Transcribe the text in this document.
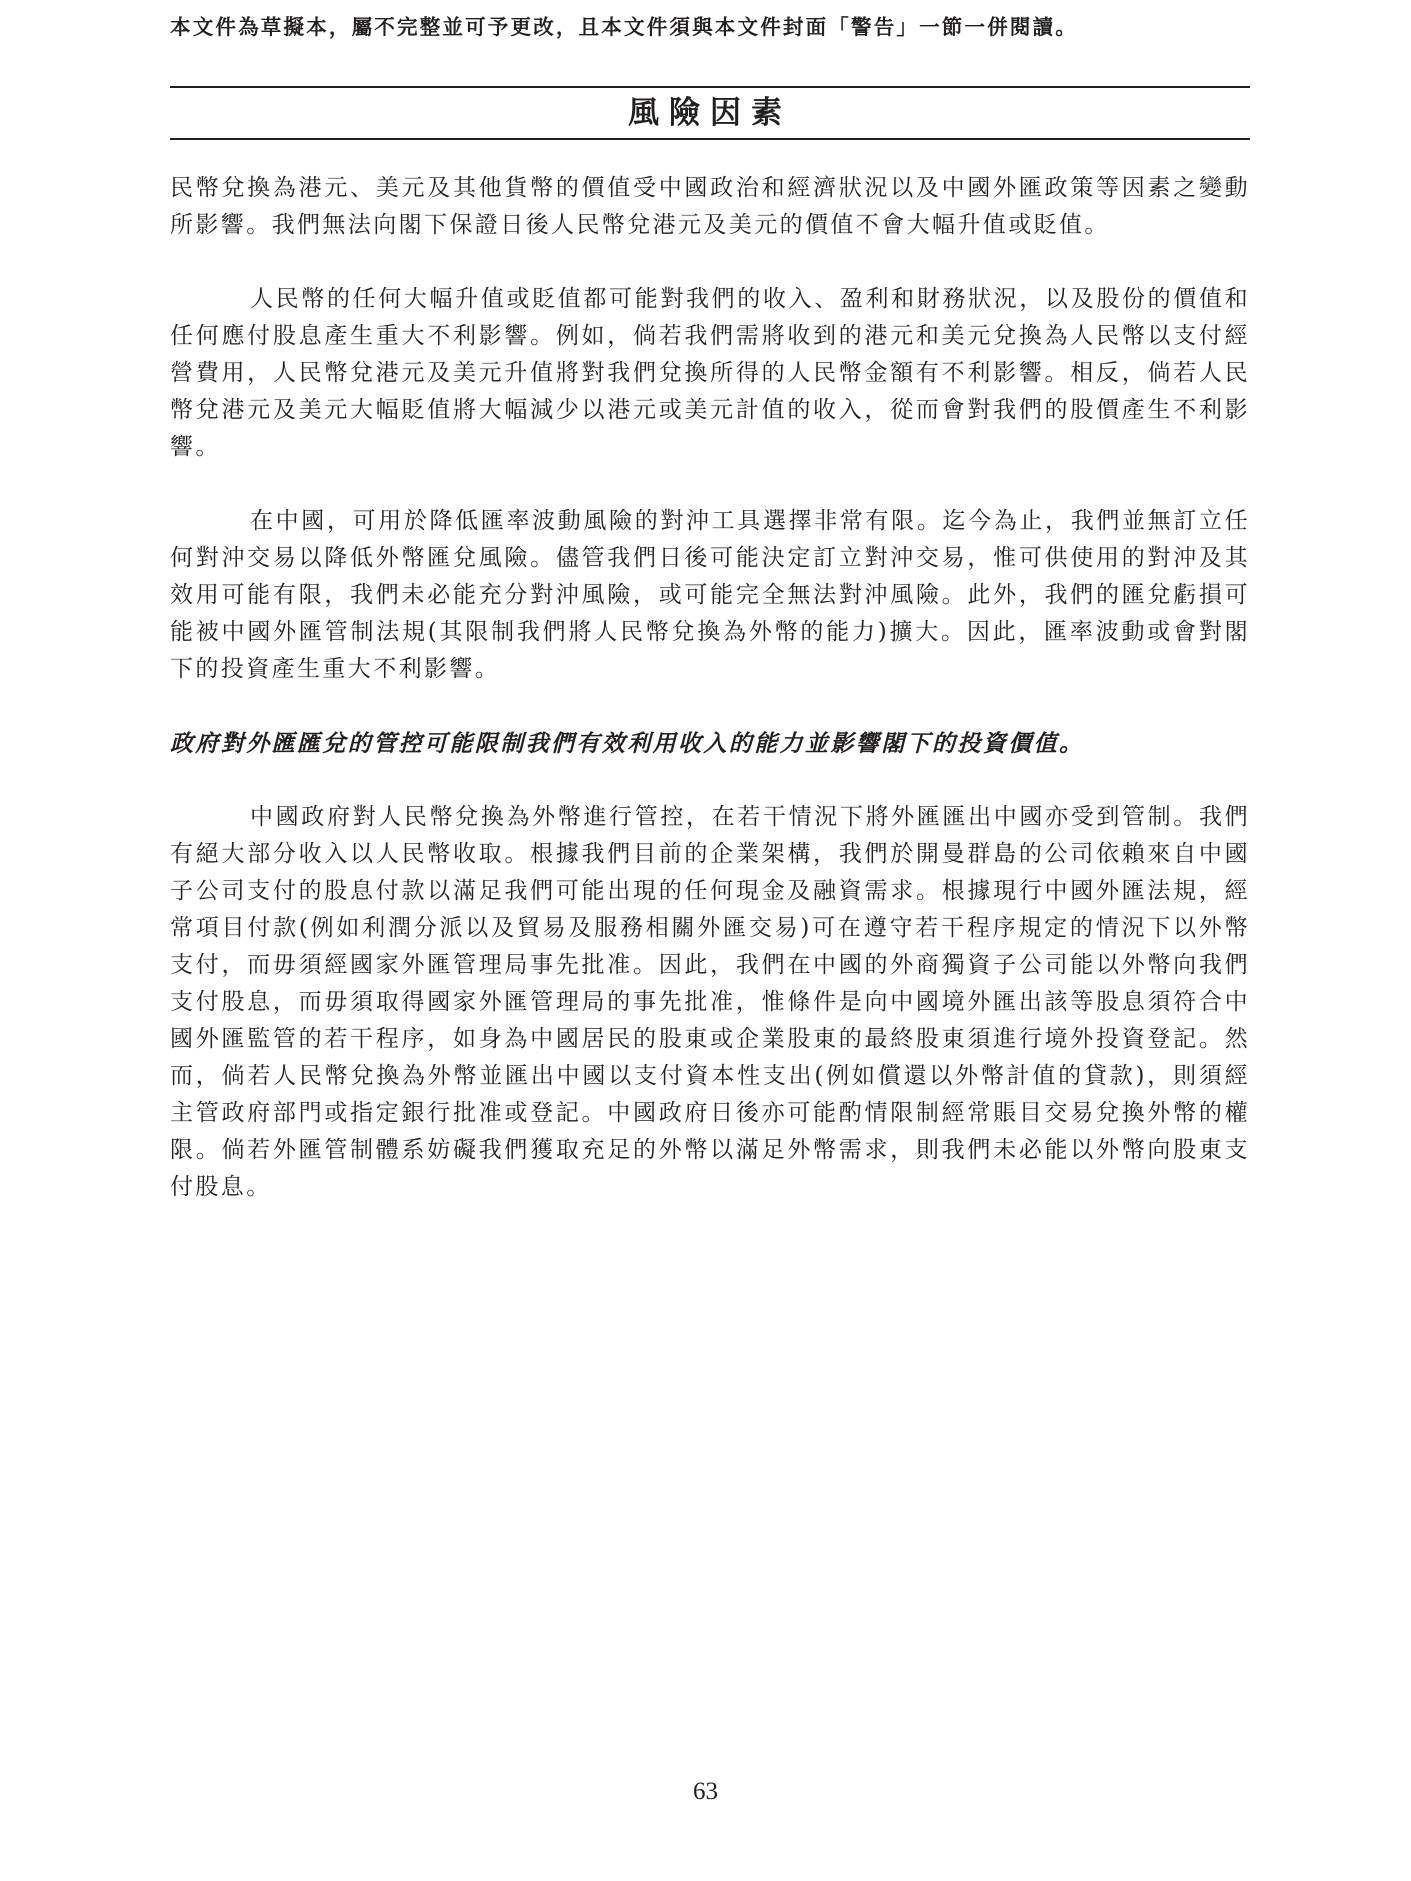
本文件為草擬本，屬不完整並可予更改，且本文件須與本文件封面「警告」一節一併閱讀。
風險因素

民幣兌換為港元、美元及其他貨幣的價值受中國政治和經濟狀況以及中國外匯政策等因素之變動所影響。我們無法向閣下保證日後人民幣兌港元及美元的價值不會大幅升值或貶值。

人民幣的任何大幅升值或貶值都可能對我們的收入、盈利和財務狀況，以及股份的價值和任何應付股息產生重大不利影響。例如，倘若我們需將收到的港元和美元兌換為人民幣以支付經營費用，人民幣兌港元及美元升值將對我們兌換所得的人民幣金額有不利影響。相反，倘若人民幣兌港元及美元大幅貶值將大幅減少以港元或美元計值的收入，從而會對我們的股價產生不利影響。

在中國，可用於降低匯率波動風險的對沖工具選擇非常有限。迄今為止，我們並無訂立任何對沖交易以降低外幣匯兌風險。儘管我們日後可能決定訂立對沖交易，惟可供使用的對沖及其效用可能有限，我們未必能充分對沖風險，或可能完全無法對沖風險。此外，我們的匯兌虧損可能被中國外匯管制法規(其限制我們將人民幣兌換為外幣的能力)擴大。因此，匯率波動或會對閣下的投資產生重大不利影響。

政府對外匯匯兌的管控可能限制我們有效利用收入的能力並影響閣下的投資價值。

中國政府對人民幣兌換為外幣進行管控，在若干情況下將外匯匯出中國亦受到管制。我們有絕大部分收入以人民幣收取。根據我們目前的企業架構，我們於開曼群島的公司依賴來自中國子公司支付的股息付款以滿足我們可能出現的任何現金及融資需求。根據現行中國外匯法規，經常項目付款(例如利潤分派以及貿易及服務相關外匯交易)可在遵守若干程序規定的情況下以外幣支付，而毋須經國家外匯管理局事先批准。因此，我們在中國的外商獨資子公司能以外幣向我們支付股息，而毋須取得國家外匯管理局的事先批准，惟條件是向中國境外匯出該等股息須符合中國外匯監管的若干程序，如身為中國居民的股東或企業股東的最終股東須進行境外投資登記。然而，倘若人民幣兌換為外幣並匯出中國以支付資本性支出(例如償還以外幣計值的貸款)，則須經主管政府部門或指定銀行批准或登記。中國政府日後亦可能酌情限制經常賬目交易兌換外幣的權限。倘若外匯管制體系妨礙我們獲取充足的外幣以滿足外幣需求，則我們未必能以外幣向股東支付股息。

63
